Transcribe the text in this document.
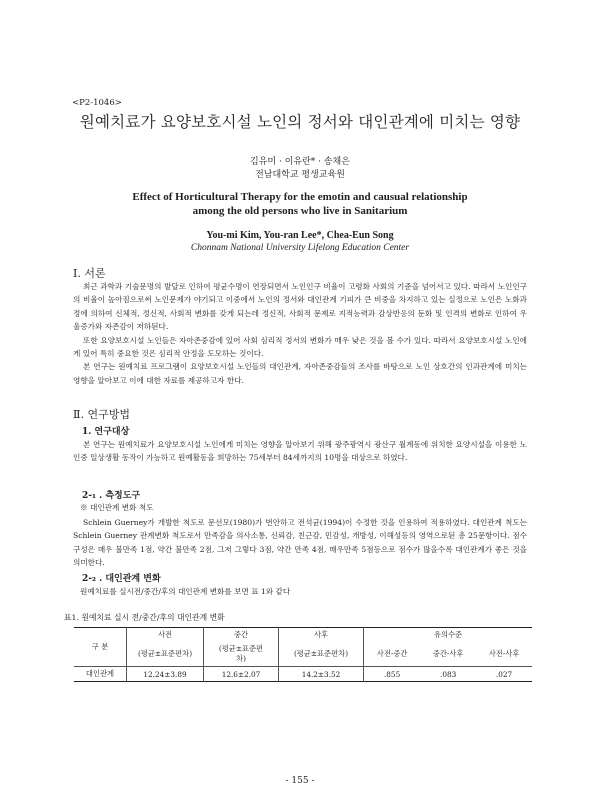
<P2-1046>
원예치료가 요양보호시설 노인의 정서와 대인관계에 미치는 영향
김유미 · 이유란* · 송채은
전남대학교 평생교육원
Effect of Horticultural Therapy for the emotin and causual relationship
among the old persons who live in Sanitarium
You-mi Kim, You-ran Lee*, Chea-Eun Song
Chonnam National University Lifelong Education Center
Ⅰ. 서론

최근 과학과 기술문명의 발달로 인하여 평균수명이 연장되면서 노인인구 비율이 고령화 사회의 기준을 넘어서고 있다. 따라서 노인인구의 비율이 높아짐으로써 노인문제가 야기되고 이중에서 노인의 정서와 대인관계 기피가 큰 비중을 차지하고 있는 실정으로 노인은 노화과정에 의하여 신체적, 정신적, 사회적 변화를 갖게 되는데 정신적, 사회적 문제로 지적능력과 감상반응의 둔화 및 인격의 변화로 인하여 우울증가와 자존감이 저하된다.

또한 요양보호시설 노인들은 자아존중감에 있어 사회 심리적 정서의 변화가 매우 낮은 것을 볼 수가 있다. 따라서 요양보호시설 노인에게 있어 특히 중요한 것은 심리적 안정을 도모하는 것이다.

본 연구는 원예치료 프로그램이 요양보호시설 노인들의 대인관계, 자아존중감들의 조사를 바탕으로 노인 상호간의 인과관계에 미치는 영향을 알아보고 이에 대한 자료를 제공하고자 한다.

Ⅱ. 연구방법
1. 연구대상

본 연구는 원예치료가 요양보호시설 노인에게 미치는 영향을 알아보기 위해 광주광역시 광산구 월계동에 위치한 요양시설을 이용한 노인중 일상생활 동작이 가능하고 원예활동을 희망하는 75세부터 84세까지의 10명을 대상으로 하였다.

2-₁ . 측정도구
※ 대인관계 변화 척도

Schlein Guerney가 개발한 척도로 문선모(1980)가 번안하고 전석균(1994)이 수정한 것을 인용하여 적용하였다. 대인관계 척도는 Schlein Guerney 관계변화 척도로서 만족감을 의사소통, 신뢰감, 친근감, 민감성, 개방성, 이해성등의 영역으로된 총 25문항이다. 점수 구성은 매우 불만족 1점, 약간 불만족 2점, 그저 그렇다 3점, 약간 만족 4점, 매우만족 5점등으로 점수가 많을수록 대인관계가 좋은 것을 의미한다.

2-₂ . 대인관계 변화
원예치료를 실시전/중간/후의 대인관계 변화를 보면 표 1와 같다
표1. 원예치료 실시 전/중간/후의 대인관계 변화
구 분	사전	중간	사후	유의수준		
	(평균±표준편차)	(평균±표준편
차)	(평균±표준편차)	사전-중간	중간-사후	사전-사후
대인관계	12.24±3.89	12.6±2.07	14.2±3.52	.855	.083	.027
- 155 -
